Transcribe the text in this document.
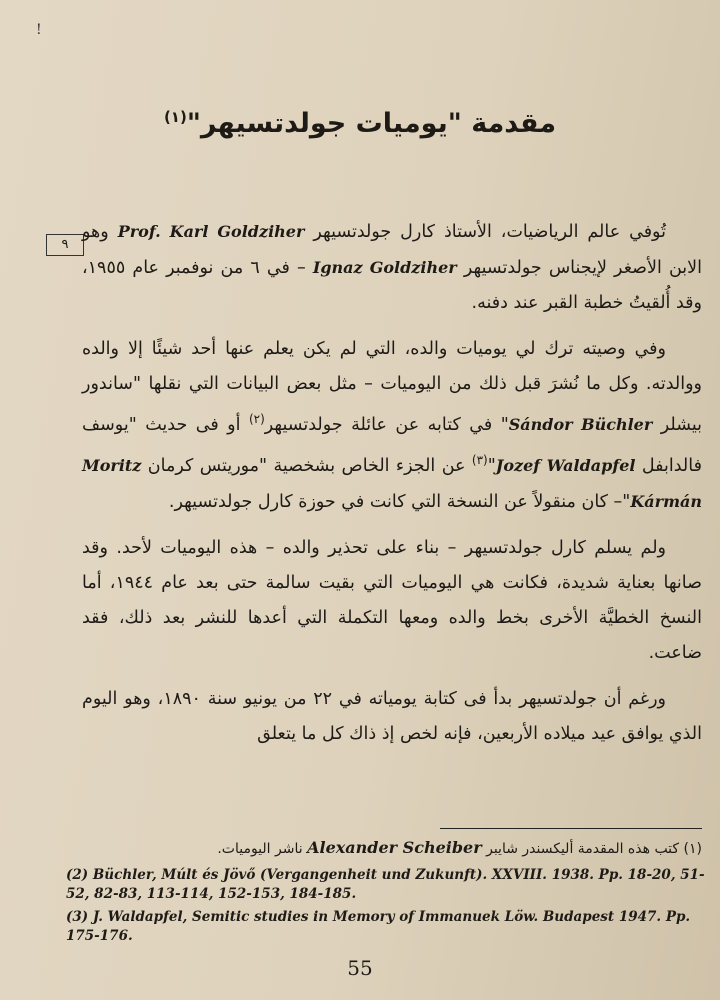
!
مقدمة "يوميات جولدتسيهر"$^{(١)}$
٩

تُوفي عالم الرياضيات، الأستاذ كارل جولدتسيهر Prof. Karl Goldziher وهو الابن الأصغر لإيجناس جولدتسيهر Ignaz Goldziher – في ٦ من نوفمبر عام ١٩٥٥، وقد أُلقيتُ خطبة القبر عند دفنه.

وفي وصيته ترك لي يوميات والده، التي لم يكن يعلم عنها أحد شيئًا إلا والده ووالدته. وكل ما نُشرَ قبل ذلك من اليوميات – مثل بعض البيانات التي نقلها "ساندور بيشلر Sándor Büchler" في كتابه عن عائلة جولدتسيهر$^{(٢)}$ أو فى حديث "يوسف فالدابفل Jozef Waldapfel"$^{(٣)}$ عن الجزء الخاص بشخصية "موريتس كرمان Moritz Kármán"– كان منقولاً عن النسخة التي كانت في حوزة كارل جولدتسيهر.

ولم يسلم كارل جولدتسيهر – بناء على تحذير والده – هذه اليوميات لأحد. وقد صانها بعناية شديدة، فكانت هي اليوميات التي بقيت سالمة حتى بعد عام ١٩٤٤، أما النسخ الخطيَّة الأخرى بخط والده ومعها التكملة التي أعدها للنشر بعد ذلك، فقد ضاعت.

ورغم أن جولدتسيهر بدأ فى كتابة يومياته في ٢٢ من يونيو سنة ١٨٩٠، وهو اليوم الذي يوافق عيد ميلاده الأربعين، فإنه لخص إذ ذاك كل ما يتعلق

(١) كتب هذه المقدمة أليكسندر شايبر Alexander Scheiber ناشر اليوميات.
(2) Büchler, Múlt és Jövő (Vergangenheit und Zukunft). XXVIII. 1938. Pp. 18-20, 51-52, 82-83, 113-114, 152-153, 184-185.
(3) J. Waldapfel, Semitic studies in Memory of Immanuek Löw. Budapest 1947. Pp. 175-176.
55
